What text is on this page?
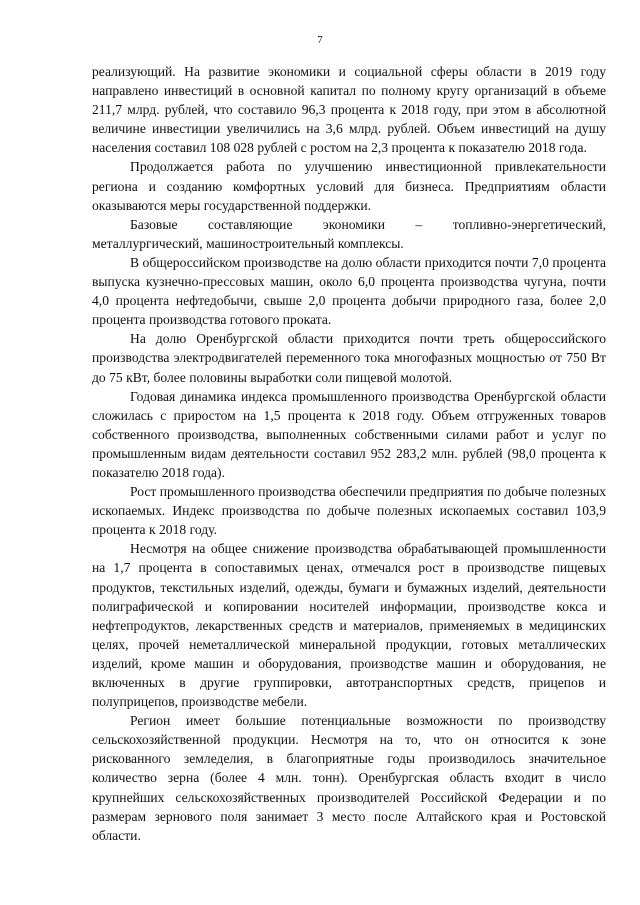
7

реализующий. На развитие экономики и социальной сферы области в 2019 году направлено инвестиций в основной капитал по полному кругу организаций в объеме 211,7 млрд. рублей, что составило 96,3 процента к 2018 году, при этом в абсолютной величине инвестиции увеличились на 3,6 млрд. рублей. Объем инвестиций на душу населения составил 108 028 рублей с ростом на 2,3 процента к показателю 2018 года.

Продолжается работа по улучшению инвестиционной привлекательности региона и созданию комфортных условий для бизнеса. Предприятиям области оказываются меры государственной поддержки.

Базовые составляющие экономики – топливно-энергетический, металлургический, машиностроительный комплексы.

В общероссийском производстве на долю области приходится почти 7,0 процента выпуска кузнечно-прессовых машин, около 6,0 процента производства чугуна, почти 4,0 процента нефтедобычи, свыше 2,0 процента добычи природного газа, более 2,0 процента производства готового проката.

На долю Оренбургской области приходится почти треть общероссийского производства электродвигателей переменного тока многофазных мощностью от 750 Вт до 75 кВт, более половины выработки соли пищевой молотой.

Годовая динамика индекса промышленного производства Оренбургской области сложилась с приростом на 1,5 процента к 2018 году. Объем отгруженных товаров собственного производства, выполненных собственными силами работ и услуг по промышленным видам деятельности составил 952 283,2 млн. рублей (98,0 процента к показателю 2018 года).

Рост промышленного производства обеспечили предприятия по добыче полезных ископаемых. Индекс производства по добыче полезных ископаемых составил 103,9 процента к 2018 году.

Несмотря на общее снижение производства обрабатывающей промышленности на 1,7 процента в сопоставимых ценах, отмечался рост в производстве пищевых продуктов, текстильных изделий, одежды, бумаги и бумажных изделий, деятельности полиграфической и копировании носителей информации, производстве кокса и нефтепродуктов, лекарственных средств и материалов, применяемых в медицинских целях, прочей неметаллической минеральной продукции, готовых металлических изделий, кроме машин и оборудования, производстве машин и оборудования, не включенных в другие группировки, автотранспортных средств, прицепов и полуприцепов, производстве мебели.

Регион имеет большие потенциальные возможности по производству сельскохозяйственной продукции. Несмотря на то, что он относится к зоне рискованного земледелия, в благоприятные годы производилось значительное количество зерна (более 4 млн. тонн). Оренбургская область входит в число крупнейших сельскохозяйственных производителей Российской Федерации и по размерам зернового поля занимает 3 место после Алтайского края и Ростовской области.
